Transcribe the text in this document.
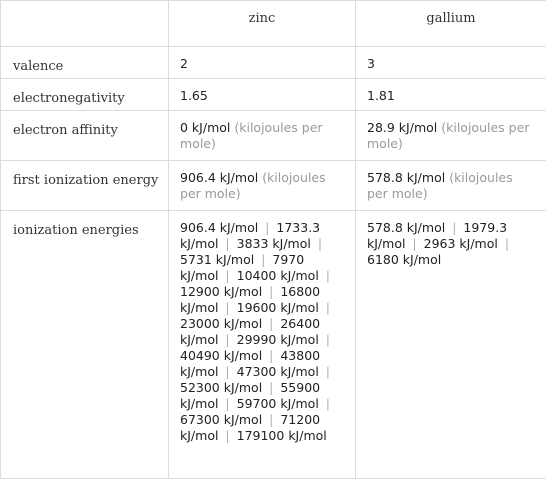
	zinc	gallium
valence	2	3
electronegativity	1.65	1.81
electron affinity	0 kJ/mol (kilojoules per mole)	28.9 kJ/mol (kilojoules per mole)
first ionization energy	906.4 kJ/mol (kilojoules per mole)	578.8 kJ/mol (kilojoules per mole)
ionization energies	906.4 kJ/mol | 1733.3 kJ/mol | 3833 kJ/mol | 5731 kJ/mol | 7970 kJ/mol | 10400 kJ/mol | 12900 kJ/mol | 16800 kJ/mol | 19600 kJ/mol | 23000 kJ/mol | 26400 kJ/mol | 29990 kJ/mol | 40490 kJ/mol | 43800 kJ/mol | 47300 kJ/mol | 52300 kJ/mol | 55900 kJ/mol | 59700 kJ/mol | 67300 kJ/mol | 71200 kJ/mol | 179100 kJ/mol	578.8 kJ/mol | 1979.3 kJ/mol | 2963 kJ/mol | 6180 kJ/mol
